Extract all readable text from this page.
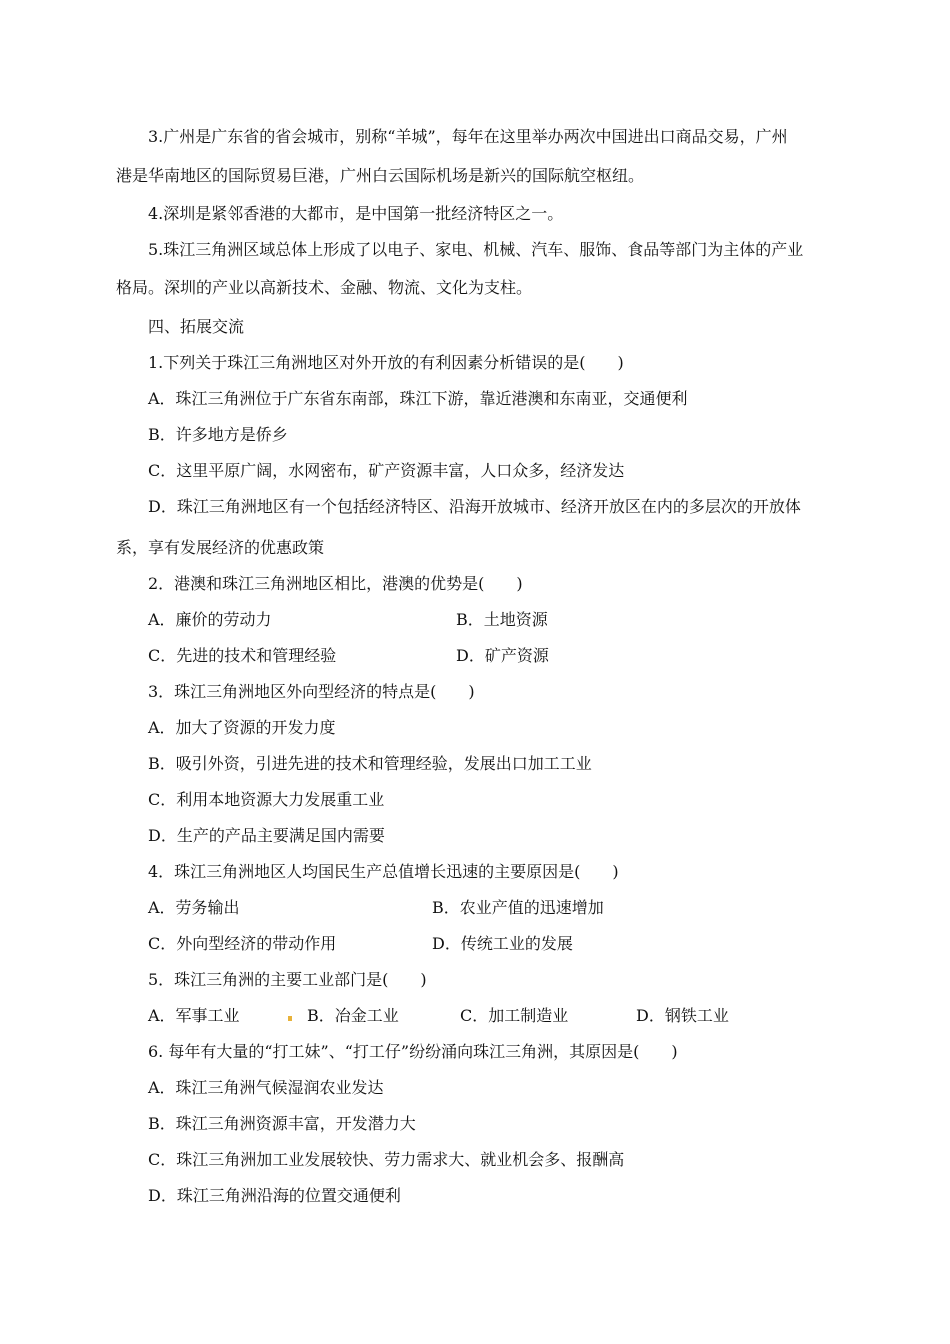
3.广州是广东省的省会城市，别称“羊城”，每年在这里举办两次中国进出口商品交易，广州
港是华南地区的国际贸易巨港，广州白云国际机场是新兴的国际航空枢纽。
4.深圳是紧邻香港的大都市，是中国第一批经济特区之一。
5.珠江三角洲区域总体上形成了以电子、家电、机械、汽车、服饰、食品等部门为主体的产业
格局。深圳的产业以高新技术、金融、物流、文化为支柱。
四、拓展交流
1.下列关于珠江三角洲地区对外开放的有利因素分析错误的是(　　)
A．珠江三角洲位于广东省东南部，珠江下游，靠近港澳和东南亚，交通便利
B．许多地方是侨乡
C．这里平原广阔，水网密布，矿产资源丰富，人口众多，经济发达
D．珠江三角洲地区有一个包括经济特区、沿海开放城市、经济开放区在内的多层次的开放体
系，享有发展经济的优惠政策
2．港澳和珠江三角洲地区相比，港澳的优势是(　　)
A．廉价的劳动力	B．土地资源
C．先进的技术和管理经验	D．矿产资源
3．珠江三角洲地区外向型经济的特点是(　　)
A．加大了资源的开发力度
B．吸引外资，引进先进的技术和管理经验，发展出口加工工业
C．利用本地资源大力发展重工业
D．生产的产品主要满足国内需要
4．珠江三角洲地区人均国民生产总值增长迅速的主要原因是(　　)
A．劳务输出	B．农业产值的迅速增加
C．外向型经济的带动作用	D．传统工业的发展
5．珠江三角洲的主要工业部门是(　　)
A．军事工业	B．冶金工业	C．加工制造业	D．钢铁工业
6. 每年有大量的“打工妹”、“打工仔”纷纷涌向珠江三角洲，其原因是(　　)
A．珠江三角洲气候湿润农业发达
B．珠江三角洲资源丰富，开发潜力大
C．珠江三角洲加工业发展较快、劳力需求大、就业机会多、报酬高
D．珠江三角洲沿海的位置交通便利
